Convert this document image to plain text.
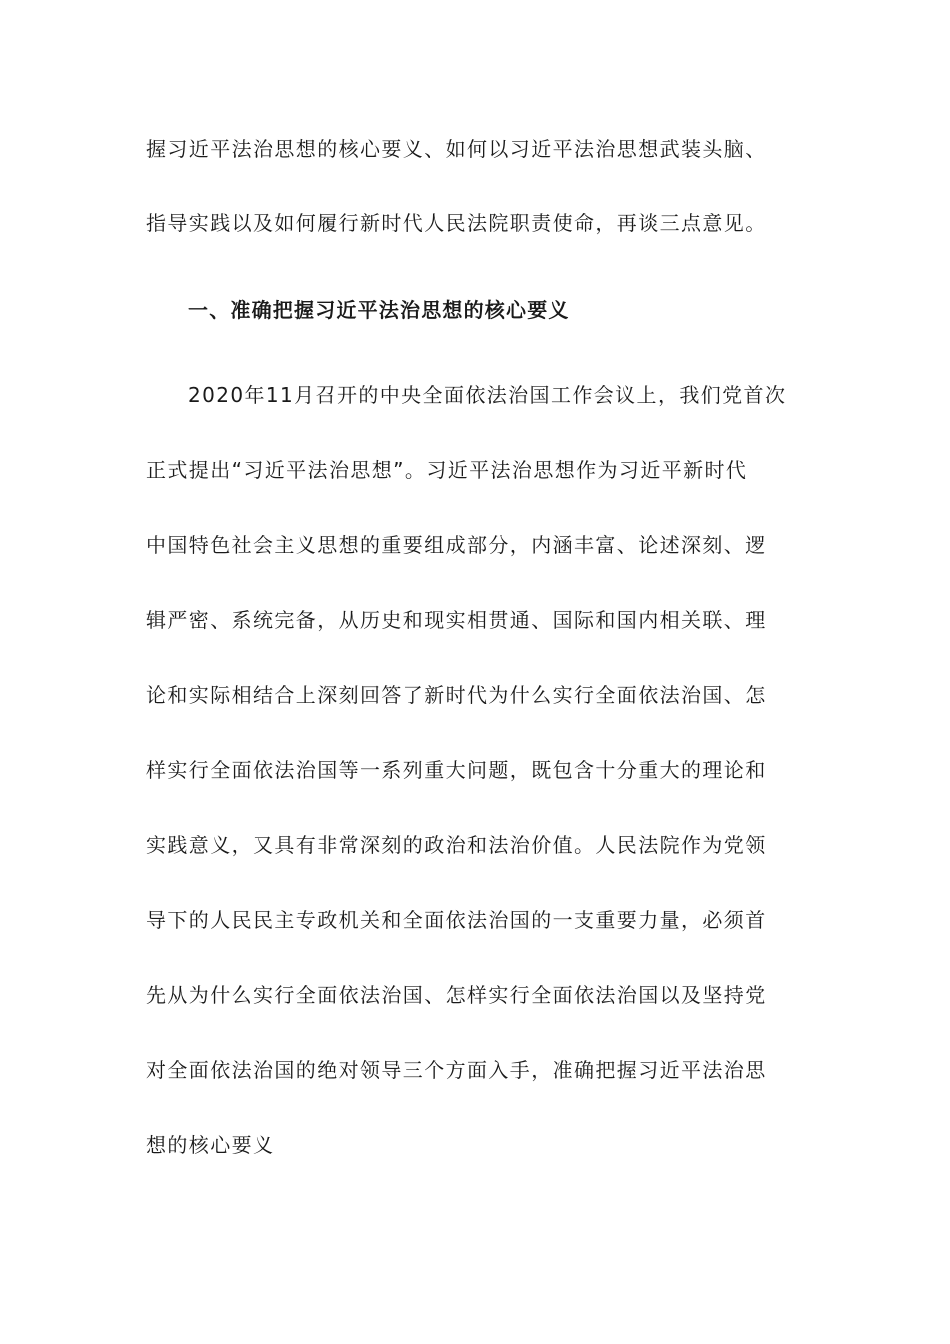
握习近平法治思想的核心要义、如何以习近平法治思想武装头脑、
指导实践以及如何履行新时代人民法院职责使命，再谈三点意见。
一、准确把握习近平法治思想的核心要义
2020年11月召开的中央全面依法治国工作会议上，我们党首次
正式提出“习近平法治思想”。习近平法治思想作为习近平新时代
中国特色社会主义思想的重要组成部分，内涵丰富、论述深刻、逻
辑严密、系统完备，从历史和现实相贯通、国际和国内相关联、理
论和实际相结合上深刻回答了新时代为什么实行全面依法治国、怎
样实行全面依法治国等一系列重大问题，既包含十分重大的理论和
实践意义，又具有非常深刻的政治和法治价值。人民法院作为党领
导下的人民民主专政机关和全面依法治国的一支重要力量，必须首
先从为什么实行全面依法治国、怎样实行全面依法治国以及坚持党
对全面依法治国的绝对领导三个方面入手，准确把握习近平法治思
想的核心要义
